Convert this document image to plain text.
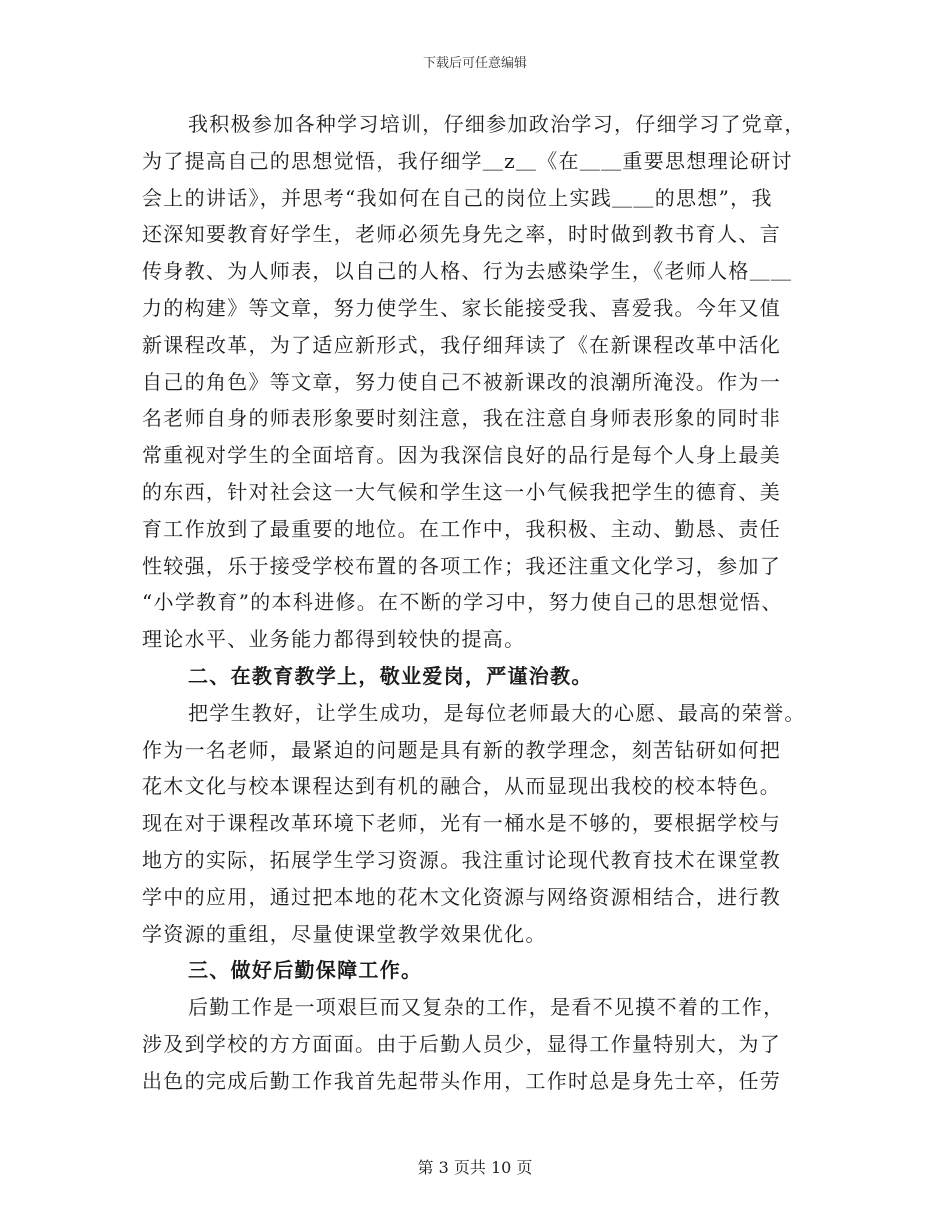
下载后可任意编辑
我积极参加各种学习培训，仔细参加政治学习，仔细学习了党章，
为了提高自己的思想觉悟，我仔细学＿z＿《在＿＿重要思想理论研讨
会上的讲话》，并思考“我如何在自己的岗位上实践＿＿的思想”，我
还深知要教育好学生，老师必须先身先之率，时时做到教书育人、言
传身教、为人师表，以自己的人格、行为去感染学生，《老师人格＿＿
力的构建》等文章，努力使学生、家长能接受我、喜爱我。今年又值
新课程改革，为了适应新形式，我仔细拜读了《在新课程改革中活化
自己的角色》等文章，努力使自己不被新课改的浪潮所淹没。作为一
名老师自身的师表形象要时刻注意，我在注意自身师表形象的同时非
常重视对学生的全面培育。因为我深信良好的品行是每个人身上最美
的东西，针对社会这一大气候和学生这一小气候我把学生的德育、美
育工作放到了最重要的地位。在工作中，我积极、主动、勤恳、责任
性较强，乐于接受学校布置的各项工作；我还注重文化学习，参加了
“小学教育”的本科进修。在不断的学习中，努力使自己的思想觉悟、
理论水平、业务能力都得到较快的提高。
二、在教育教学上，敬业爱岗，严谨治教。
把学生教好，让学生成功，是每位老师最大的心愿、最高的荣誉。
作为一名老师，最紧迫的问题是具有新的教学理念，刻苦钻研如何把
花木文化与校本课程达到有机的融合，从而显现出我校的校本特色。
现在对于课程改革环境下老师，光有一桶水是不够的，要根据学校与
地方的实际，拓展学生学习资源。我注重讨论现代教育技术在课堂教
学中的应用，通过把本地的花木文化资源与网络资源相结合，进行教
学资源的重组，尽量使课堂教学效果优化。
三、做好后勤保障工作。
后勤工作是一项艰巨而又复杂的工作，是看不见摸不着的工作，
涉及到学校的方方面面。由于后勤人员少，显得工作量特别大，为了
出色的完成后勤工作我首先起带头作用，工作时总是身先士卒，任劳
第 3 页共 10 页
